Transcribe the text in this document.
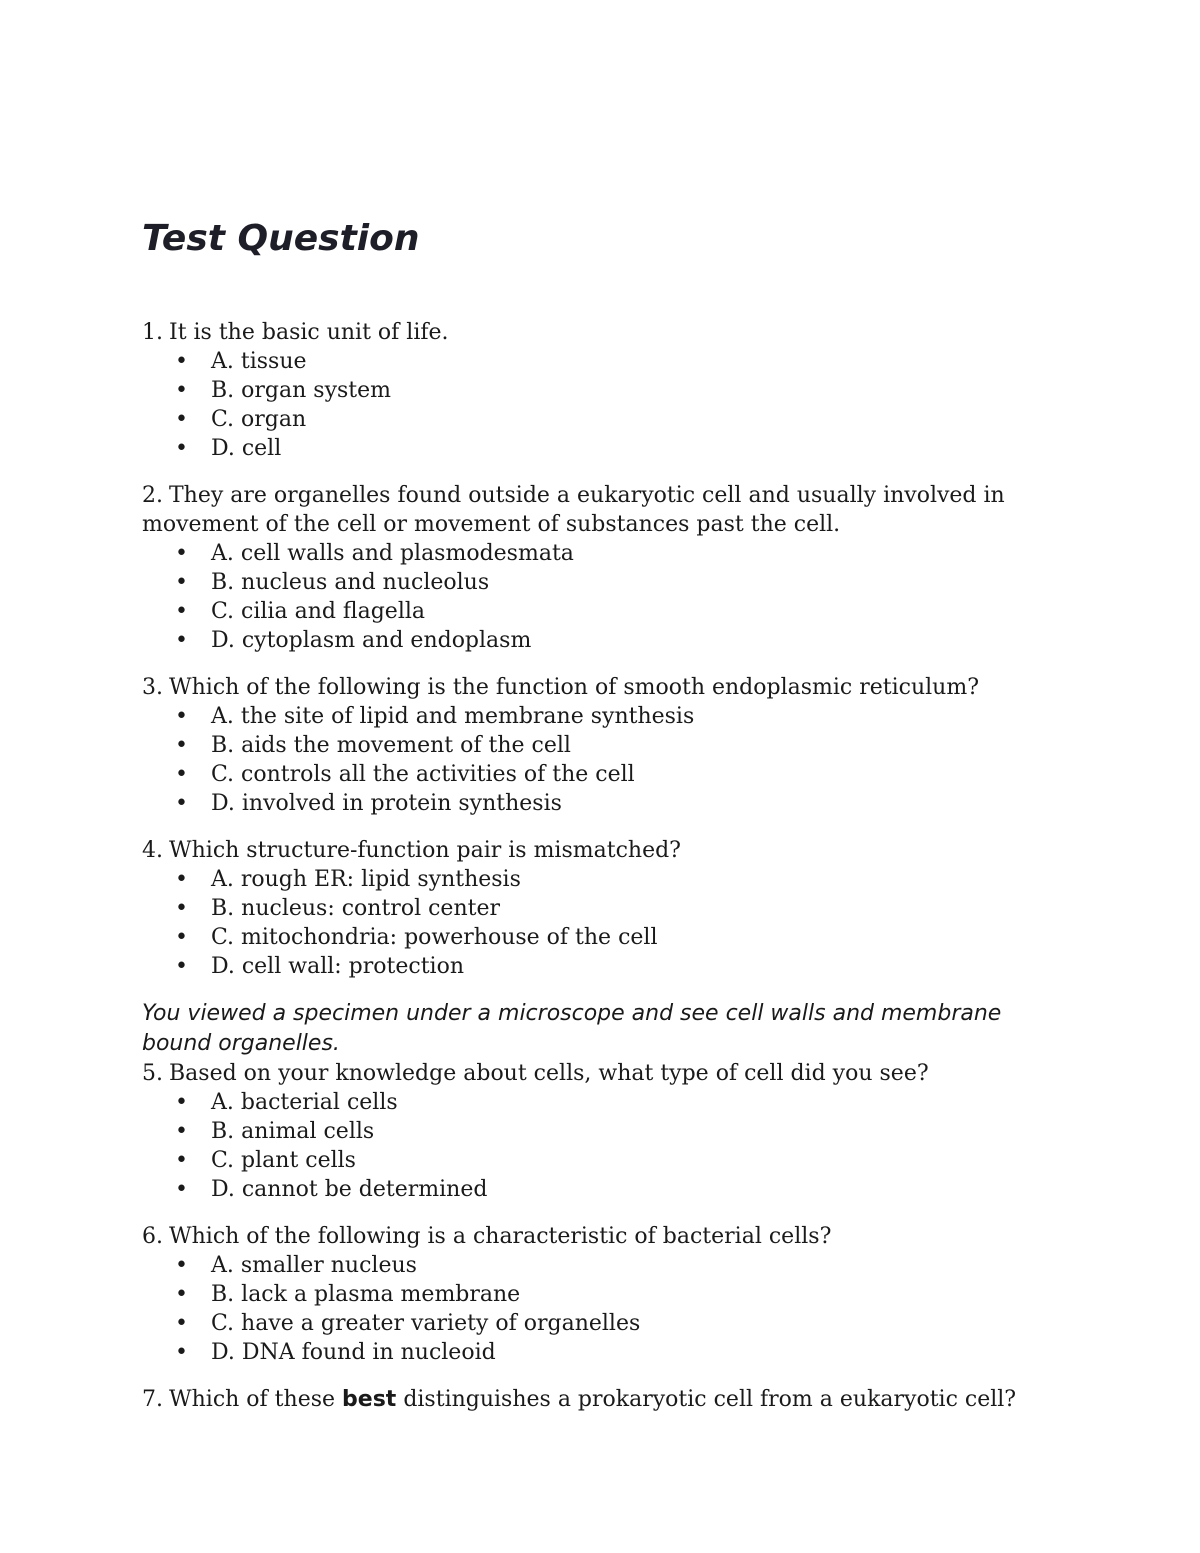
Test Question

1. It is the basic unit of life.

• A. tissue
• B. organ system
• C. organ
• D. cell

2. They are organelles found outside a eukaryotic cell and usually involved in movement of the cell or movement of substances past the cell.

• A. cell walls and plasmodesmata
• B. nucleus and nucleolus
• C. cilia and flagella
• D. cytoplasm and endoplasm

3. Which of the following is the function of smooth endoplasmic reticulum?

• A. the site of lipid and membrane synthesis
• B. aids the movement of the cell
• C. controls all the activities of the cell
• D. involved in protein synthesis

4. Which structure-function pair is mismatched?

• A. rough ER: lipid synthesis
• B. nucleus: control center
• C. mitochondria: powerhouse of the cell
• D. cell wall: protection

You viewed a specimen under a microscope and see cell walls and membrane bound organelles.

5. Based on your knowledge about cells, what type of cell did you see?

• A. bacterial cells
• B. animal cells
• C. plant cells
• D. cannot be determined

6. Which of the following is a characteristic of bacterial cells?

• A. smaller nucleus
• B. lack a plasma membrane
• C. have a greater variety of organelles
• D. DNA found in nucleoid

7. Which of these best distinguishes a prokaryotic cell from a eukaryotic cell?
